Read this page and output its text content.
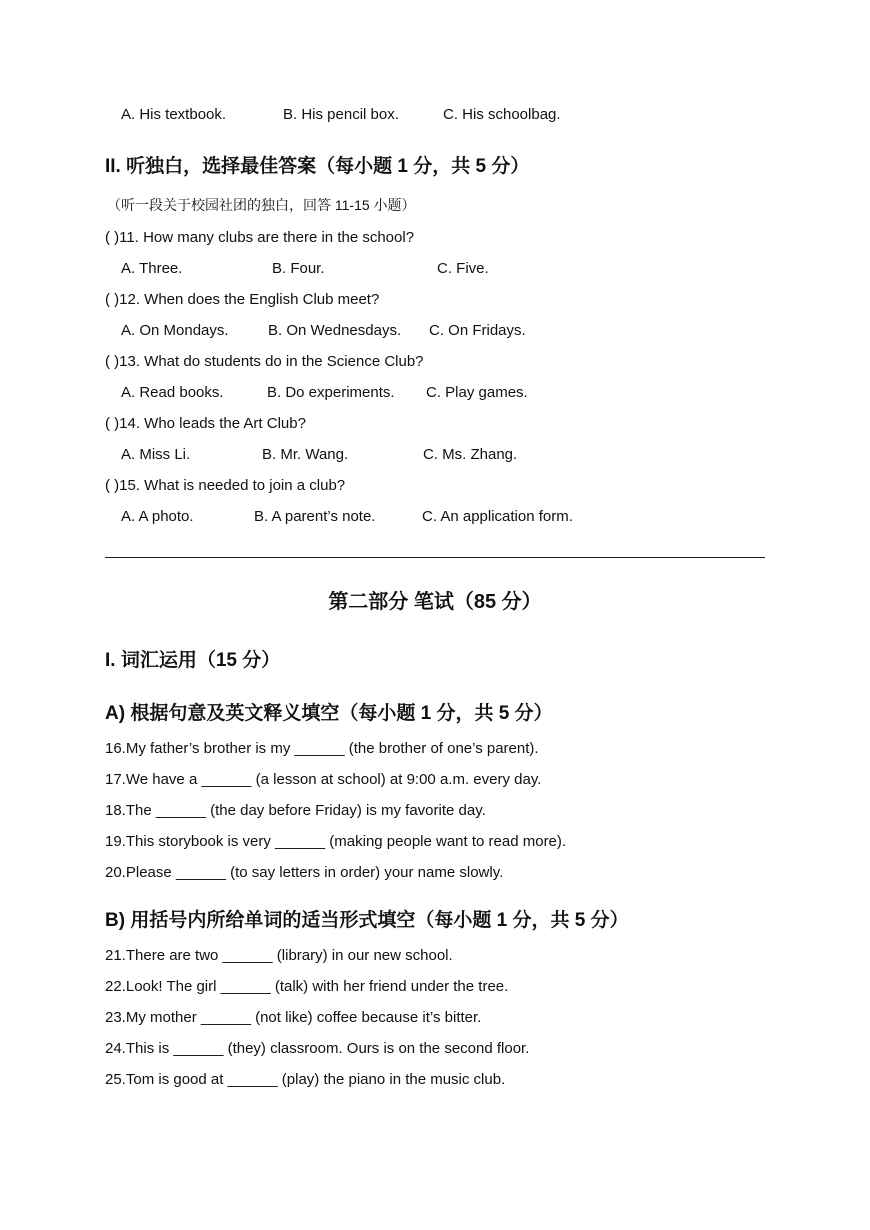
A. His textbook.	B. His pencil box.	C. His schoolbag.
II. 听独白，选择最佳答案（每小题 1 分，共 5 分）
（听一段关于校园社团的独白，回答 11-15 小题）
( )11. How many clubs are there in the school?
A. Three.	B. Four.	C. Five.
( )12. When does the English Club meet?
A. On Mondays.	B. On Wednesdays. C. On Fridays.
( )13. What do students do in the Science Club?
A. Read books.	B. Do experiments. C. Play games.
( )14. Who leads the Art Club?
A. Miss Li.	B. Mr. Wang.	C. Ms. Zhang.
( )15. What is needed to join a club?
A. A photo.	B. A parent’s note.	C. An application form.
第二部分 笔试（85 分）
I. 词汇运用（15 分）
A) 根据句意及英文释义填空（每小题 1 分，共 5 分）
16.My father’s brother is my ______ (the brother of one’s parent).
17.We have a ______ (a lesson at school) at 9:00 a.m. every day.
18.The ______ (the day before Friday) is my favorite day.
19.This storybook is very ______ (making people want to read more).
20.Please ______ (to say letters in order) your name slowly.
B) 用括号内所给单词的适当形式填空（每小题 1 分，共 5 分）
21.There are two ______ (library) in our new school.
22.Look! The girl ______ (talk) with her friend under the tree.
23.My mother ______ (not like) coffee because it’s bitter.
24.This is ______ (they) classroom. Ours is on the second floor.
25.Tom is good at ______ (play) the piano in the music club.
